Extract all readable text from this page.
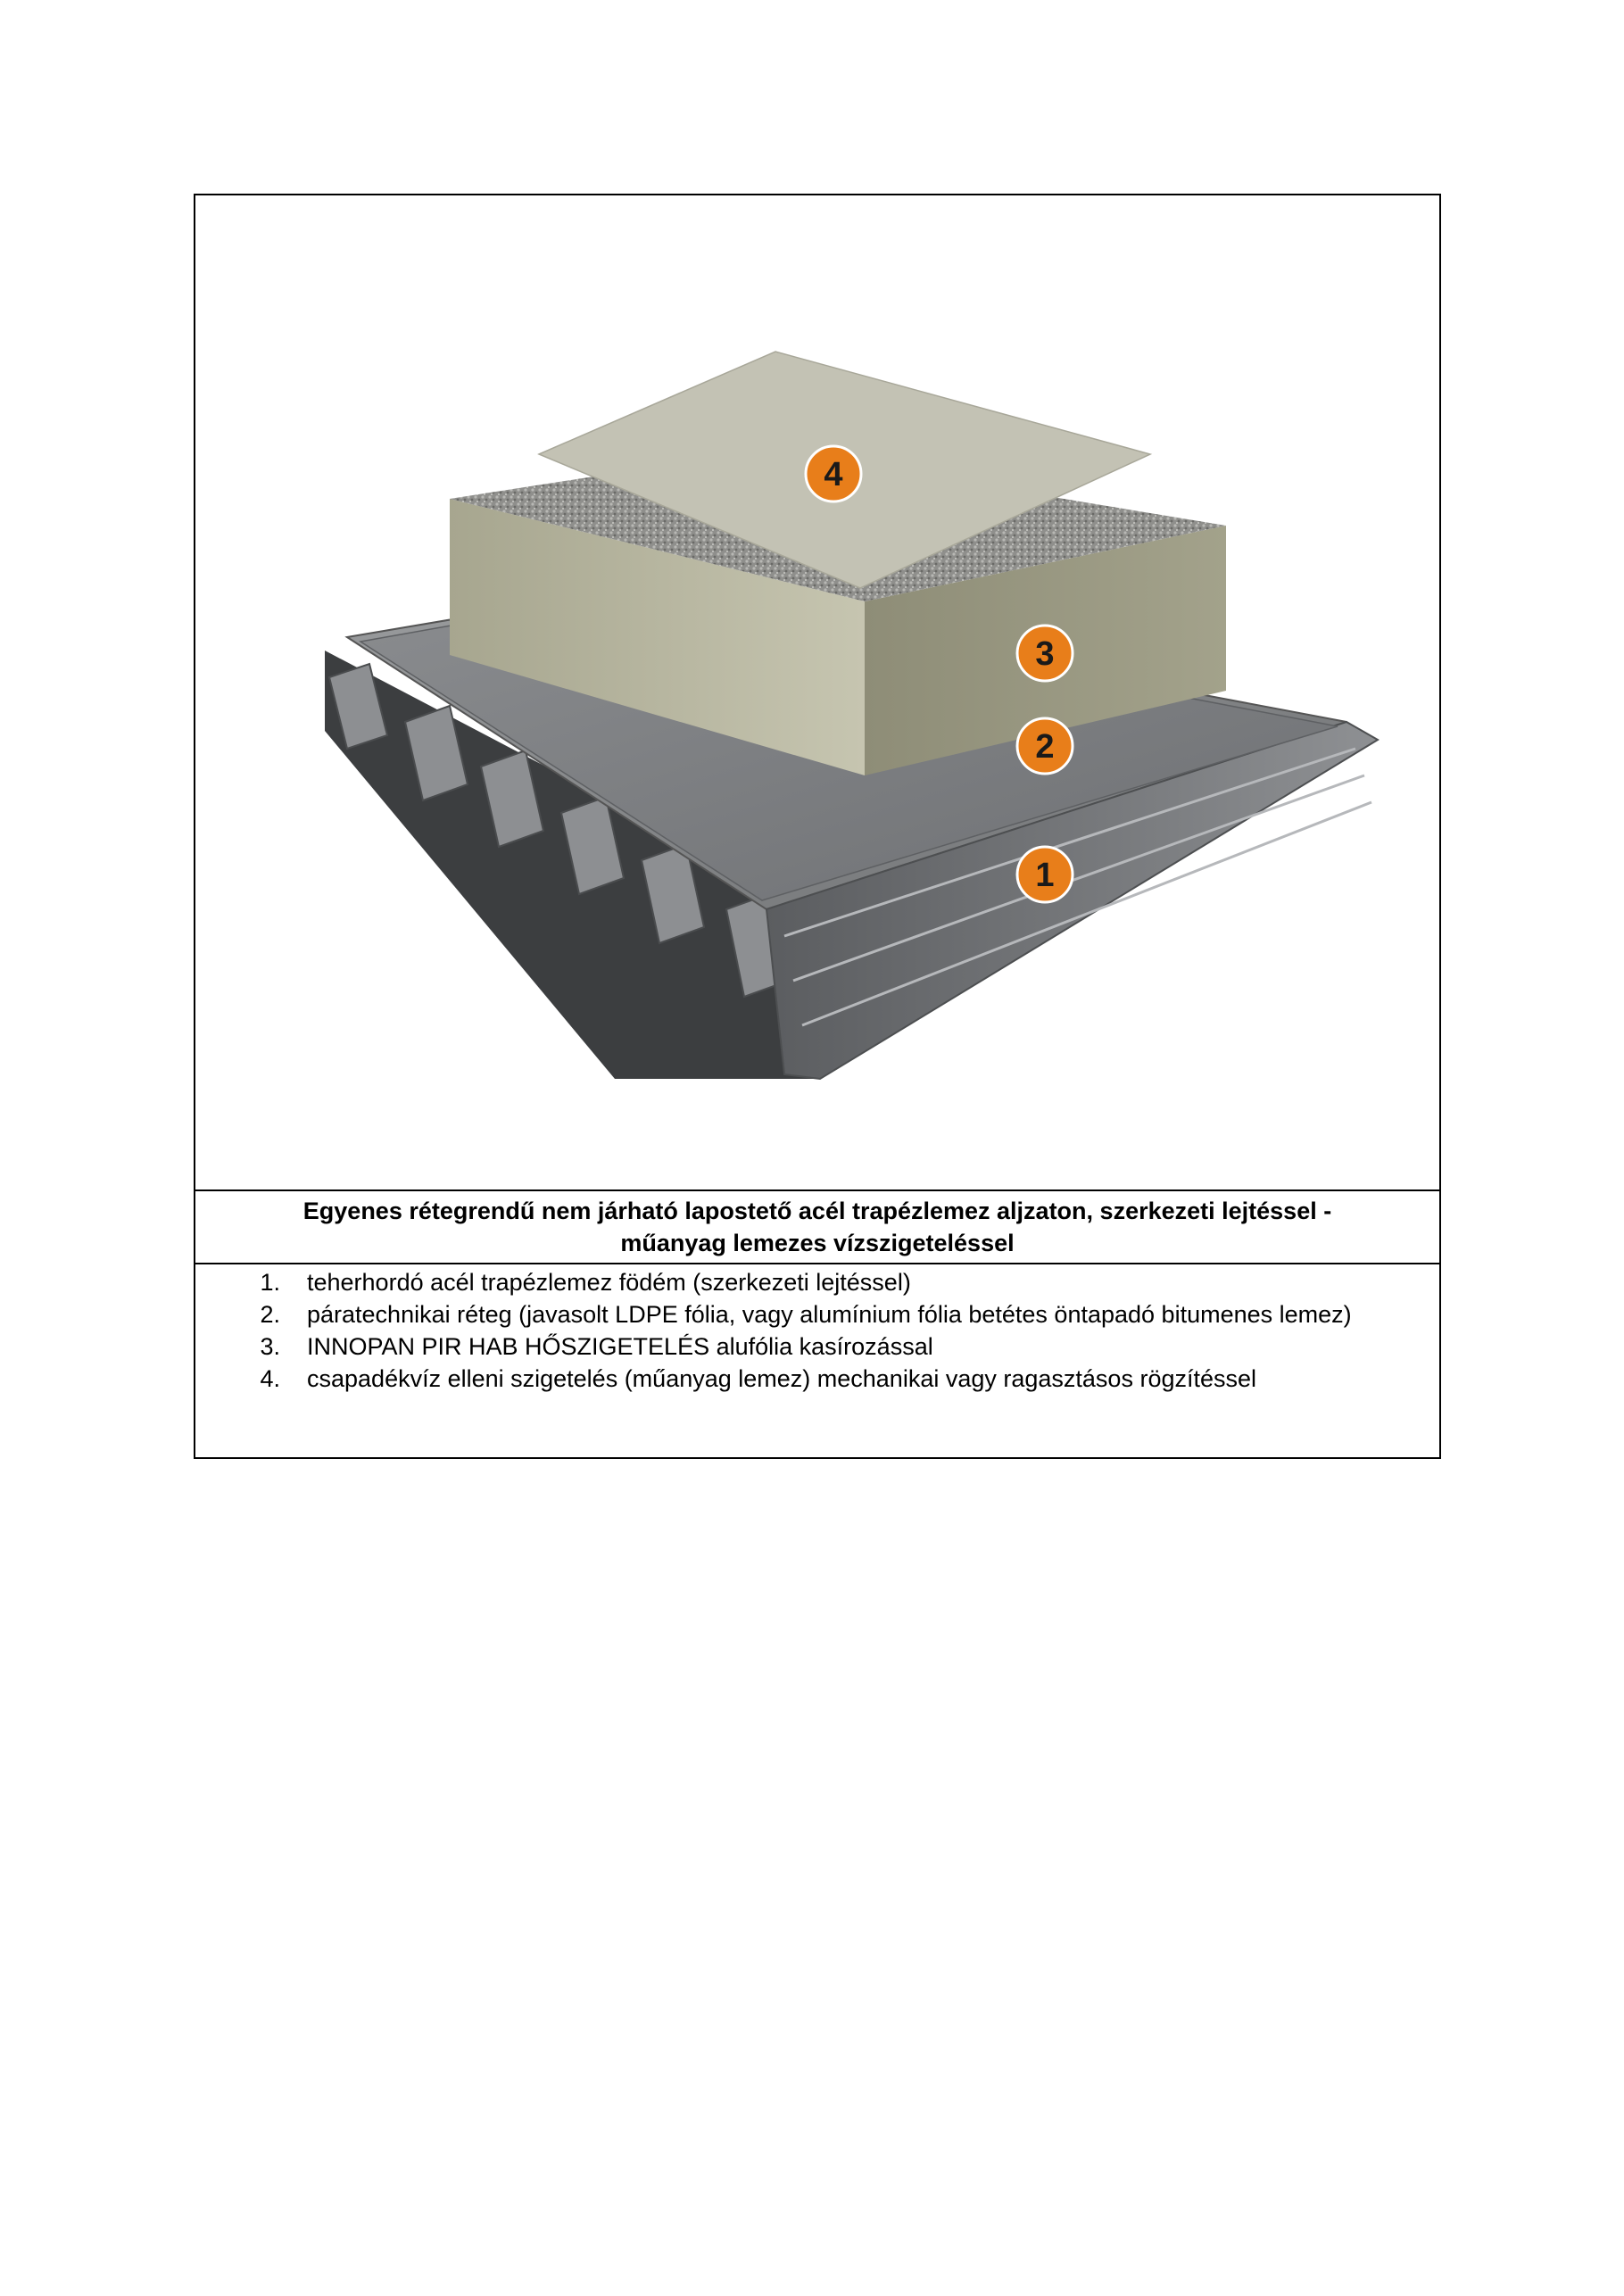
4
3
2
1
Egyenes rétegrendű nem járható lapostető acél trapézlemez aljzaton, szerkezeti lejtéssel -
műanyag lemezes vízszigeteléssel
1.	teherhordó acél trapézlemez födém (szerkezeti lejtéssel)
2.	páratechnikai réteg (javasolt LDPE fólia, vagy alumínium fólia betétes öntapadó bitumenes lemez)
3.	INNOPAN PIR HAB HŐSZIGETELÉS alufólia kasírozással
4.	csapadékvíz elleni szigetelés (műanyag lemez) mechanikai vagy ragasztásos rögzítéssel
